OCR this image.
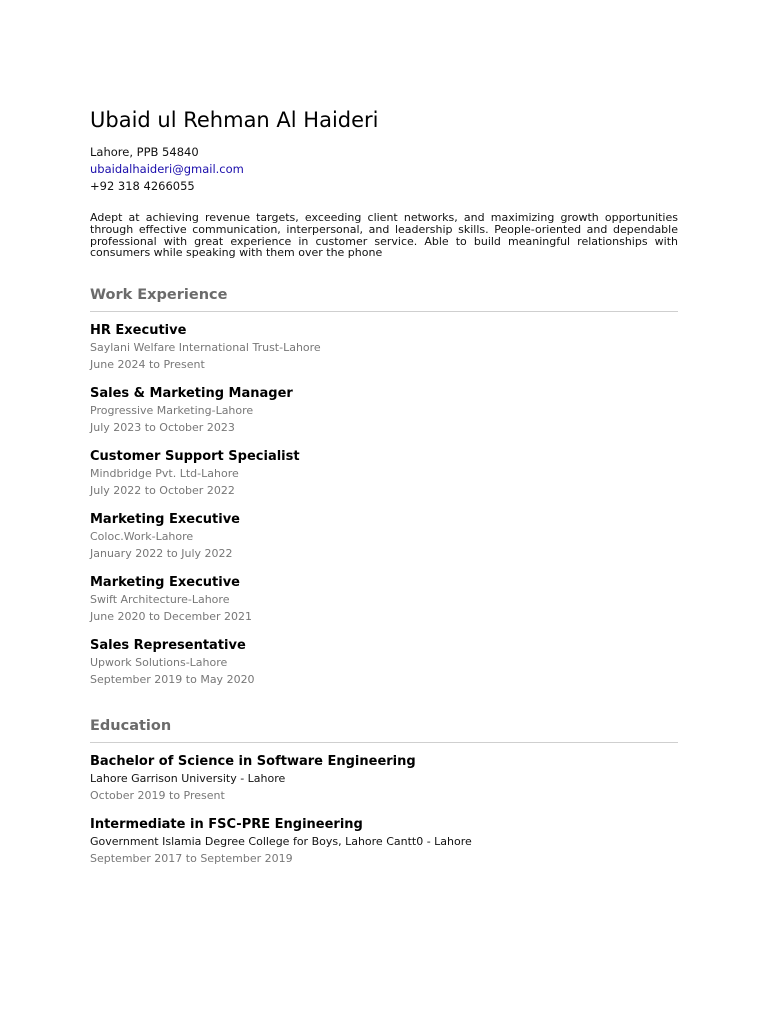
Ubaid ul Rehman Al Haideri
Lahore, PPB 54840
ubaidalhaideri@gmail.com
+92 318 4266055
Adept at achieving revenue targets, exceeding client networks, and maximizing growth opportunities through effective communication, interpersonal, and leadership skills. People-oriented and dependable professional with great experience in customer service. Able to build meaningful relationships with consumers while speaking with them over the phone
Work Experience
HR Executive
Saylani Welfare International Trust-Lahore
June 2024 to Present
Sales & Marketing Manager
Progressive Marketing-Lahore
July 2023 to October 2023
Customer Support Specialist
Mindbridge Pvt. Ltd-Lahore
July 2022 to October 2022
Marketing Executive
Coloc.Work-Lahore
January 2022 to July 2022
Marketing Executive
Swift Architecture-Lahore
June 2020 to December 2021
Sales Representative
Upwork Solutions-Lahore
September 2019 to May 2020
Education
Bachelor of Science in Software Engineering
Lahore Garrison University - Lahore
October 2019 to Present
Intermediate in FSC-PRE Engineering
Government Islamia Degree College for Boys, Lahore Cantt0 - Lahore
September 2017 to September 2019
